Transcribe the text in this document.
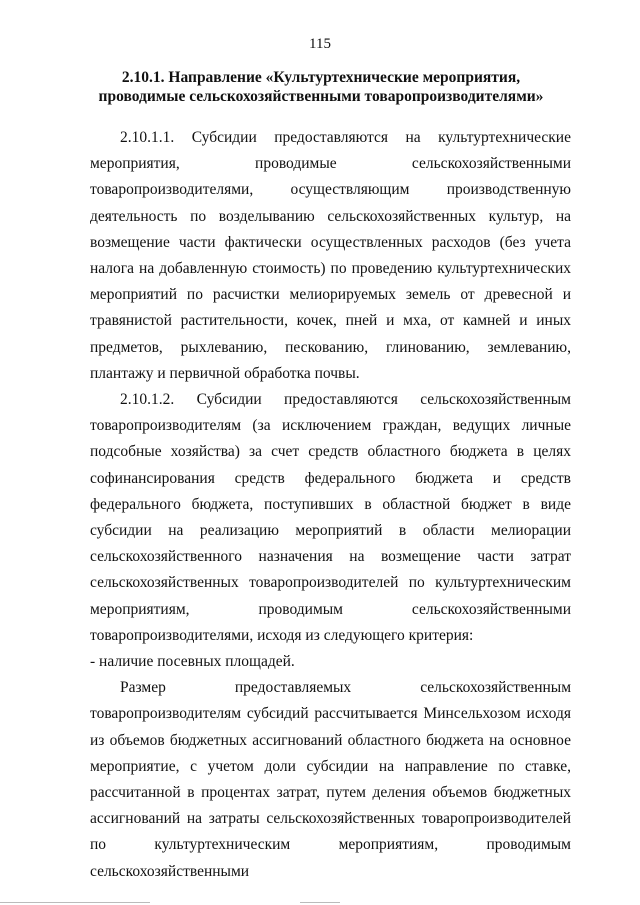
115
2.10.1. Направление «Культуртехнические мероприятия,
проводимые сельскохозяйственными товаропроизводителями»

2.10.1.1. Субсидии предоставляются на культуртехнические мероприятия, проводимые сельскохозяйственными товаропроизводителями, осуществляющим производственную деятельность по возделыванию сельскохозяйственных культур, на возмещение части фактически осуществленных расходов (без учета налога на добавленную стоимость) по проведению культуртехнических мероприятий по расчистки мелиорируемых земель от древесной и травянистой растительности, кочек, пней и мха, от камней и иных предметов, рыхлеванию, пескованию, глинованию, землеванию, плантажу и первичной обработка почвы.

2.10.1.2. Субсидии предоставляются сельскохозяйственным товаропроизводителям (за исключением граждан, ведущих личные подсобные хозяйства) за счет средств областного бюджета в целях софинансирования средств федерального бюджета и средств федерального бюджета, поступивших в областной бюджет в виде субсидии на реализацию мероприятий в области мелиорации сельскохозяйственного назначения на возмещение части затрат сельскохозяйственных товаропроизводителей по культуртехническим мероприятиям, проводимым сельскохозяйственными товаропроизводителями, исходя из следующего критерия:

- наличие посевных площадей.

Размер предоставляемых сельскохозяйственным товаропроизводителям субсидий рассчитывается Минсельхозом исходя из объемов бюджетных ассигнований областного бюджета на основное мероприятие, с учетом доли субсидии на направление по ставке, рассчитанной в процентах затрат, путем деления объемов бюджетных ассигнований на затраты сельскохозяйственных товаропроизводителей по культуртехническим мероприятиям, проводимым сельскохозяйственными
